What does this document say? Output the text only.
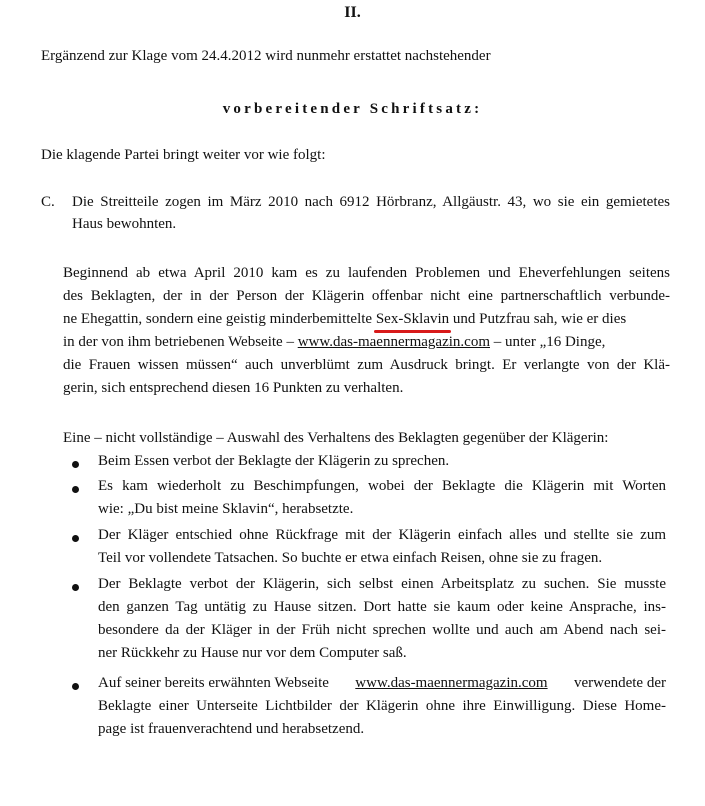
II.
Ergänzend zur Klage vom 24.4.2012 wird nunmehr erstattet nachstehender
vorbereitender Schriftsatz:
Die klagende Partei bringt weiter vor wie folgt:
C. Die Streitteile zogen im März 2010 nach 6912 Hörbranz, Allgäustr. 43, wo sie ein gemietetes
Haus bewohnten.
Beginnend ab etwa April 2010 kam es zu laufenden Problemen und Eheverfehlungen seitens
des Beklagten, der in der Person der Klägerin offenbar nicht eine partnerschaftlich verbunde-
ne Ehegattin, sondern eine geistig minderbemittelte Sex-Sklavin und Putzfrau sah, wie er dies
in der von ihm betriebenen Webseite – www.das-maennermagazin.com – unter „16 Dinge,
die Frauen wissen müssen“ auch unverblümt zum Ausdruck bringt. Er verlangte von der Klä-
gerin, sich entsprechend diesen 16 Punkten zu verhalten.
Eine – nicht vollständige – Auswahl des Verhaltens des Beklagten gegenüber der Klägerin:
Beim Essen verbot der Beklagte der Klägerin zu sprechen.
Es kam wiederholt zu Beschimpfungen, wobei der Beklagte die Klägerin mit Worten
wie: „Du bist meine Sklavin“, herabsetzte.
Der Kläger entschied ohne Rückfrage mit der Klägerin einfach alles und stellte sie zum
Teil vor vollendete Tatsachen. So buchte er etwa einfach Reisen, ohne sie zu fragen.
Der Beklagte verbot der Klägerin, sich selbst einen Arbeitsplatz zu suchen. Sie musste
den ganzen Tag untätig zu Hause sitzen. Dort hatte sie kaum oder keine Ansprache, ins-
besondere da der Kläger in der Früh nicht sprechen wollte und auch am Abend nach sei-
ner Rückkehr zu Hause nur vor dem Computer saß.
Auf seiner bereits erwähnten Webseite www.das-maennermagazin.com verwendete der
Beklagte einer Unterseite Lichtbilder der Klägerin ohne ihre Einwilligung. Diese Home-
page ist frauenverachtend und herabsetzend.
